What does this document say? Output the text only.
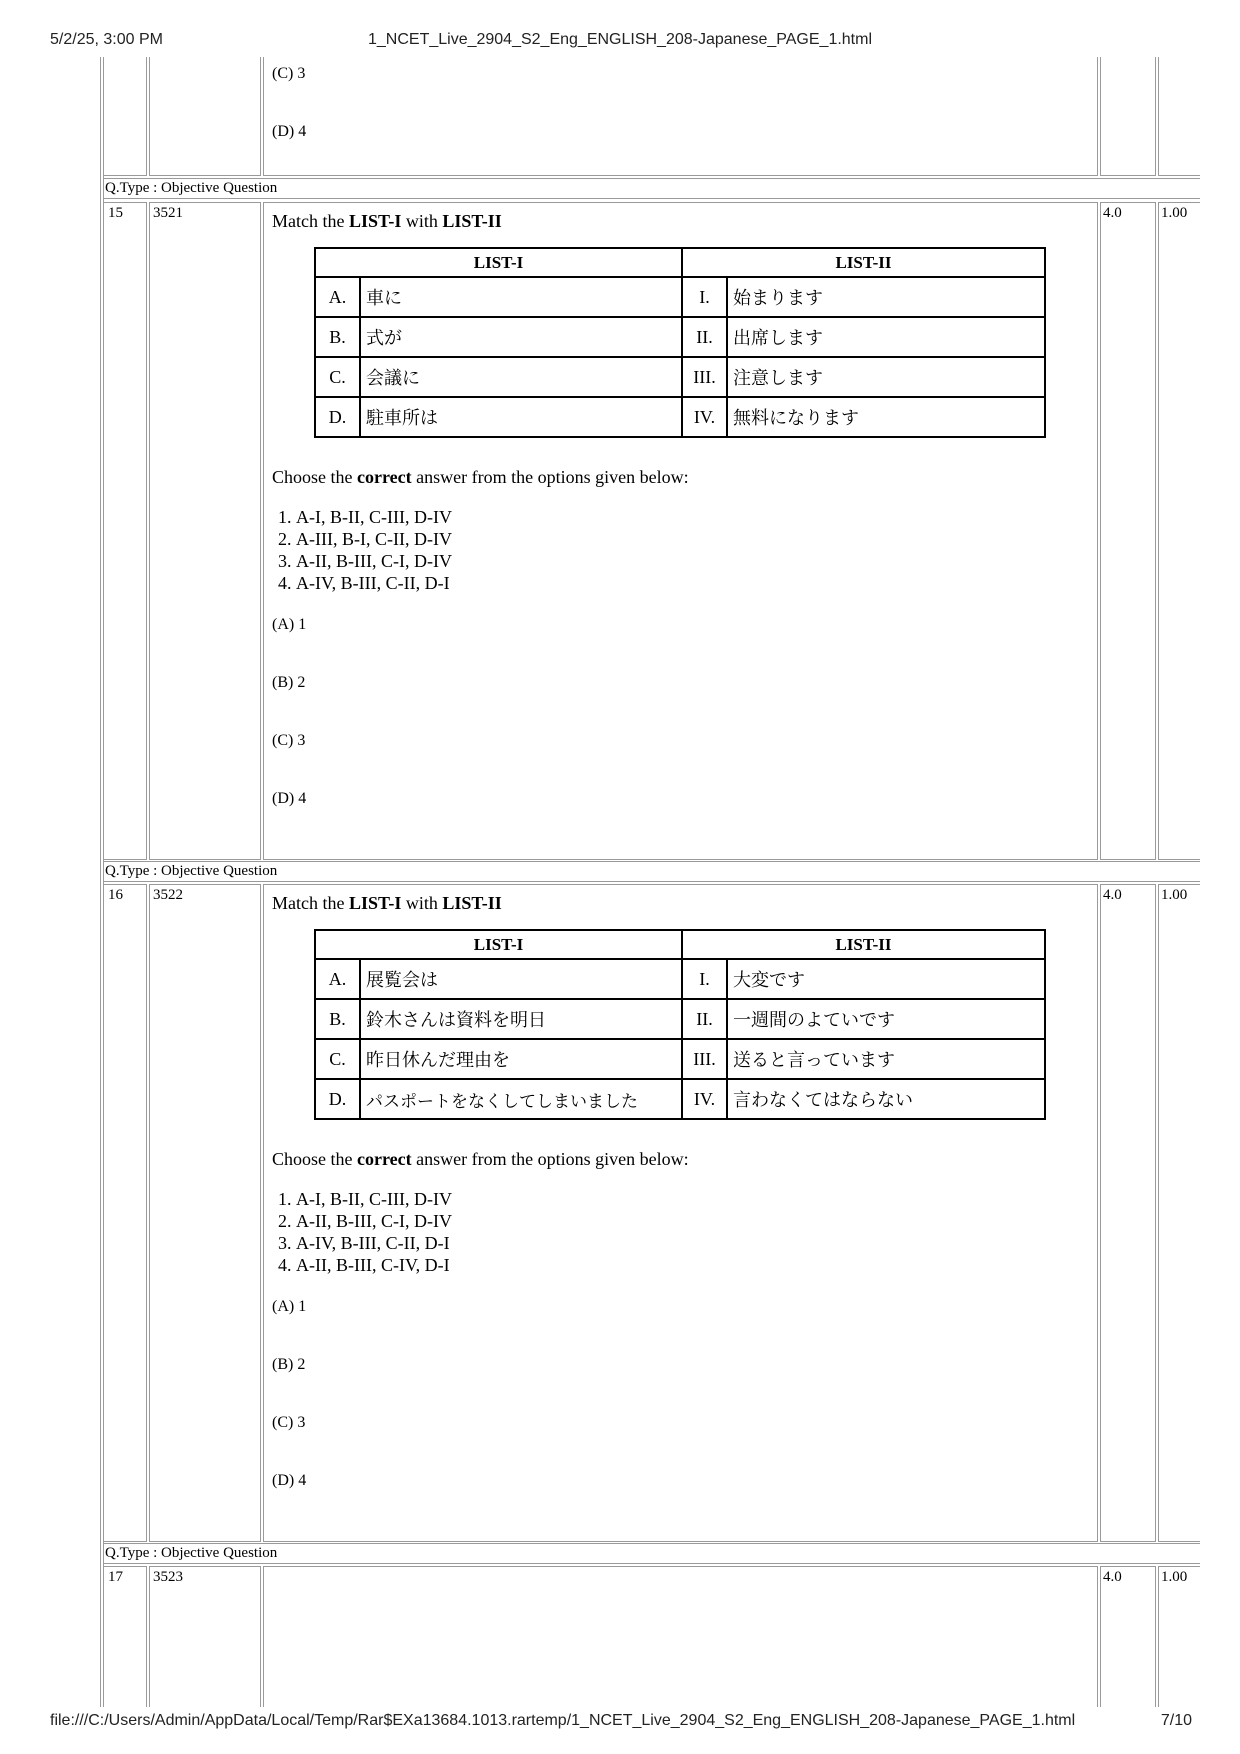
5/2/25, 3:00 PM	1_NCET_Live_2904_S2_Eng_ENGLISH_208-Japanese_PAGE_1.html
(C) 3
(D) 4
Q.Type : Objective Question
15 3521	Match the LIST-I with LIST-II
LIST-I		LIST-II	
A.	車に	I.	始まります
B.	式が	II.	出席します
C.	会議に	III.	注意します
D.	駐車所は	IV.	無料になります
Choose the correct answer from the options given below:
1. A-I, B-II, C-III, D-IV
2. A-III, B-I, C-II, D-IV
3. A-II, B-III, C-I, D-IV
4. A-IV, B-III, C-II, D-I
(A) 1
(B) 2
(C) 3
(D) 4
4.0	1.00
Q.Type : Objective Question
16 3522	Match the LIST-I with LIST-II
LIST-I		LIST-II	
A.	展覧会は	I.	大変です
B.	鈴木さんは資料を明日	II.	一週間のよていです
C.	昨日休んだ理由を	III.	送ると言っています
D.	パスポートをなくしてしまいました	IV.	言わなくてはならない
Choose the correct answer from the options given below:
1. A-I, B-II, C-III, D-IV
2. A-II, B-III, C-I, D-IV
3. A-IV, B-III, C-II, D-I
4. A-II, B-III, C-IV, D-I
(A) 1
(B) 2
(C) 3
(D) 4
4.0	1.00
Q.Type : Objective Question
17 3523	4.0	1.00
file:///C:/Users/Admin/AppData/Local/Temp/Rar$EXa13684.1013.rartemp/1_NCET_Live_2904_S2_Eng_ENGLISH_208-Japanese_PAGE_1.html	7/10
